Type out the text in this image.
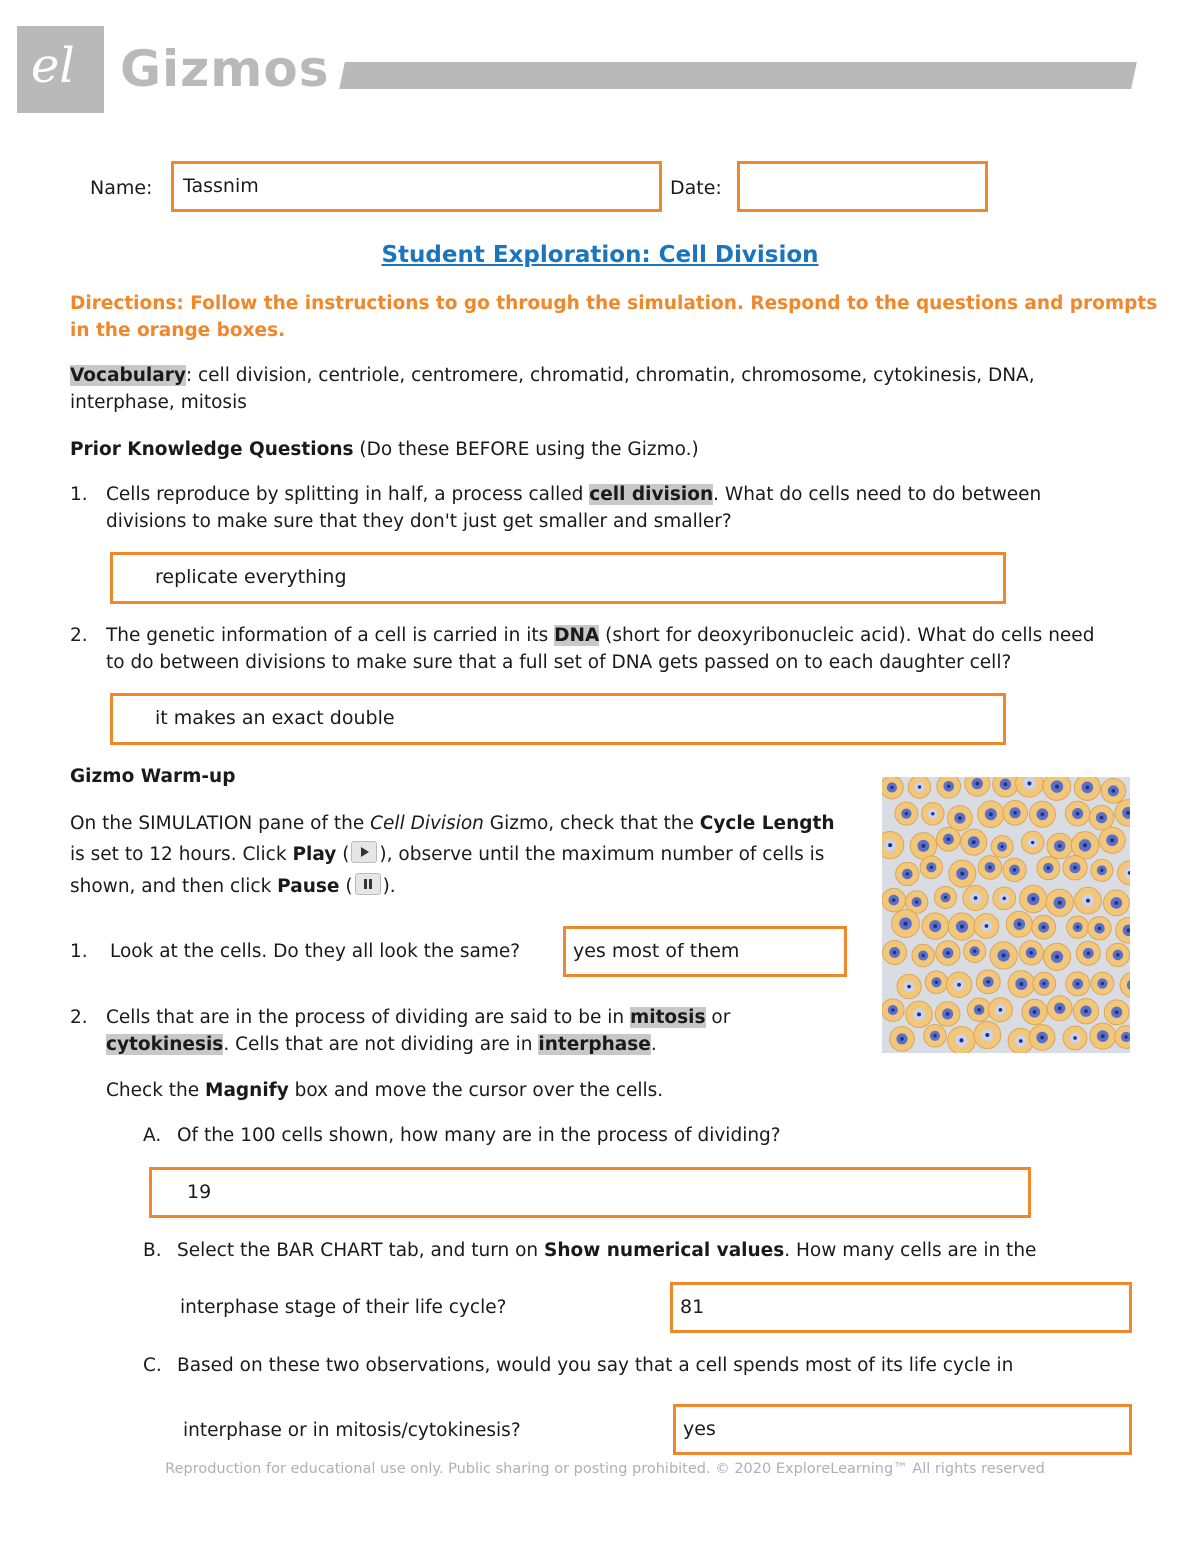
el Gizmos
Name: Tassnim	Date:
Student Exploration: Cell Division
Directions: Follow the instructions to go through the simulation. Respond to the questions and prompts
in the orange boxes.
Vocabulary: cell division, centriole, centromere, chromatid, chromatin, chromosome, cytokinesis, DNA,
interphase, mitosis
Prior Knowledge Questions (Do these BEFORE using the Gizmo.)
1. Cells reproduce by splitting in half, a process called cell division. What do cells need to do between
divisions to make sure that they don't just get smaller and smaller?
replicate everything
2. The genetic information of a cell is carried in its DNA (short for deoxyribonucleic acid). What do cells need
to do between divisions to make sure that a full set of DNA gets passed on to each daughter cell?
it makes an exact double
Gizmo Warm-up
On the SIMULATION pane of the Cell Division Gizmo, check that the Cycle Length
is set to 12 hours. Click Play ( ), observe until the maximum number of cells is
shown, and then click Pause ( ).
1. Look at the cells. Do they all look the same?	yes most of them
2. Cells that are in the process of dividing are said to be in mitosis or
cytokinesis. Cells that are not dividing are in interphase.
Check the Magnify box and move the cursor over the cells.
A. Of the 100 cells shown, how many are in the process of dividing?
19
B. Select the BAR CHART tab, and turn on Show numerical values. How many cells are in the
interphase stage of their life cycle?	81
C. Based on these two observations, would you say that a cell spends most of its life cycle in
interphase or in mitosis/cytokinesis?	yes
Reproduction for educational use only. Public sharing or posting prohibited. © 2020 ExploreLearning™ All rights reserved
